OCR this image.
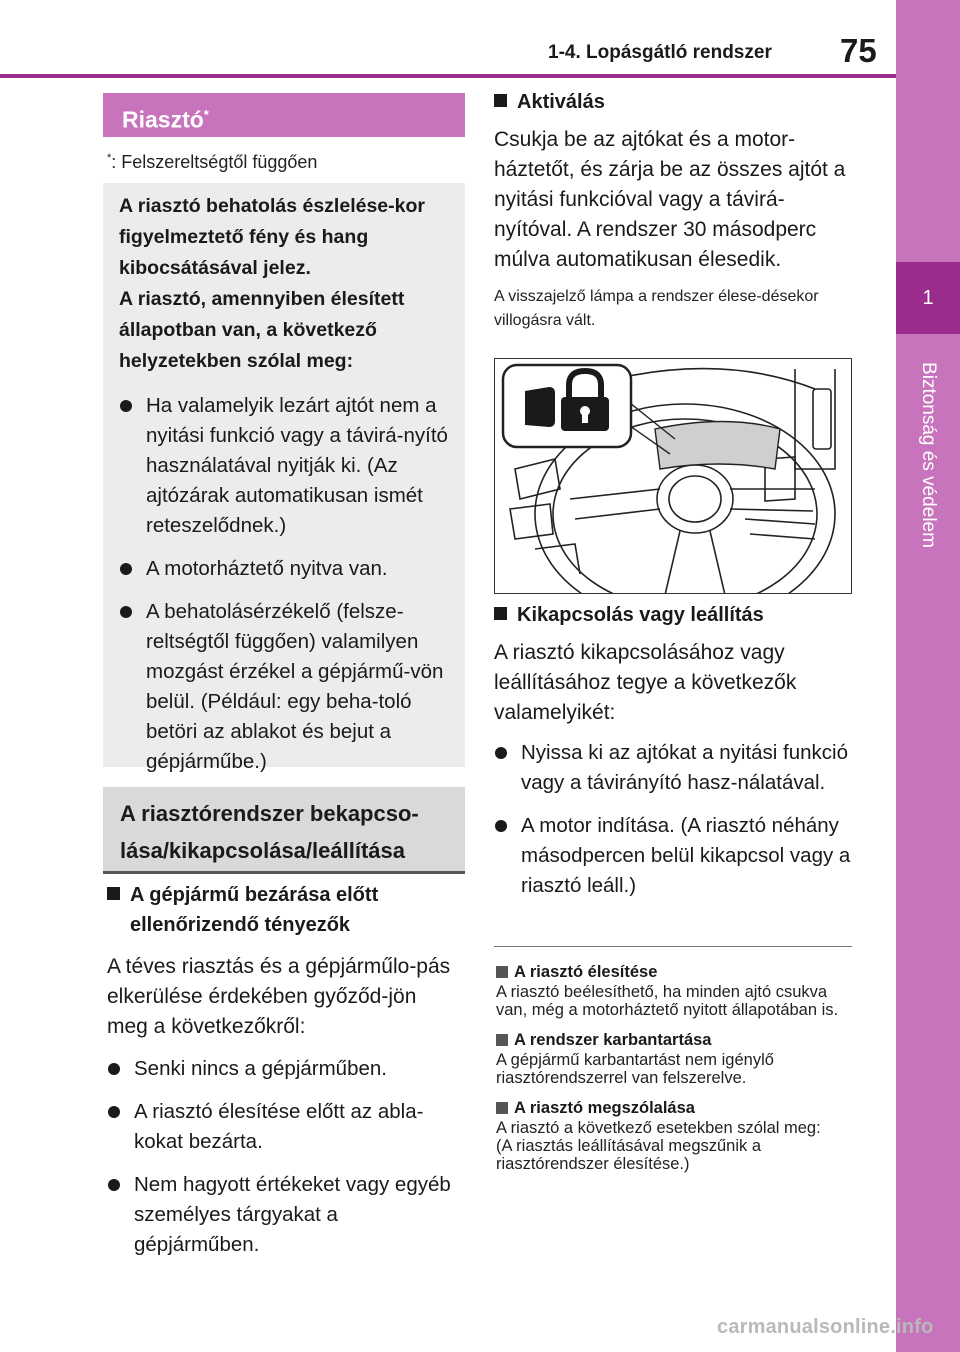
1-4. Lopásgátló rendszer 75
1
Biztonság és védelem
Riasztó*
*: Felszereltségtől függően

A riasztó behatolás észlelése-kor figyelmeztető fény és hang kibocsátásával jelez.
A riasztó, amennyiben élesített állapotban van, a következő helyzetekben szólal meg:

Ha valamelyik lezárt ajtót nem a nyitási funkció vagy a távirá-nyító használatával nyitják ki. (Az ajtózárak automatikusan ismét reteszelődnek.)
A motorháztető nyitva van.
A behatolásérzékelő (felsze-reltségtől függően) valamilyen mozgást érzékel a gépjármű-vön belül. (Például: egy beha-toló betöri az ablakot és bejut a gépjárműbe.)
A riasztórendszer bekapcso-lása/kikapcsolása/leállítása
A gépjármű bezárása előtt ellenőrizendő tényezők
A téves riasztás és a gépjárműlo-pás elkerülése érdekében győződ-jön meg a következőkről:
Senki nincs a gépjárműben.
A riasztó élesítése előtt az abla-kokat bezárta.
Nem hagyott értékeket vagy egyéb személyes tárgyakat a gépjárműben.
Aktiválás
Csukja be az ajtókat és a motor-háztetőt, és zárja be az összes ajtót a nyitási funkcióval vagy a távirá-nyítóval. A rendszer 30 másodperc múlva automatikusan élesedik.
A visszajelző lámpa a rendszer élese-désekor villogásra vált.
Kikapcsolás vagy leállítás
A riasztó kikapcsolásához vagy leállításához tegye a következők valamelyikét:
Nyissa ki az ajtókat a nyitási funkció vagy a távirányító hasz-nálatával.
A motor indítása. (A riasztó néhány másodpercen belül kikapcsol vagy a riasztó leáll.)
A riasztó élesítése
A riasztó beélesíthető, ha minden ajtó csukva van, még a motorháztető nyitott állapotában is.
A rendszer karbantartása
A gépjármű karbantartást nem igénylő riasztórendszerrel van felszerelve.
A riasztó megszólalása
A riasztó a következő esetekben szólal meg:
(A riasztás leállításával megszűnik a riasztórendszer élesítése.)
carmanualsonline.info
